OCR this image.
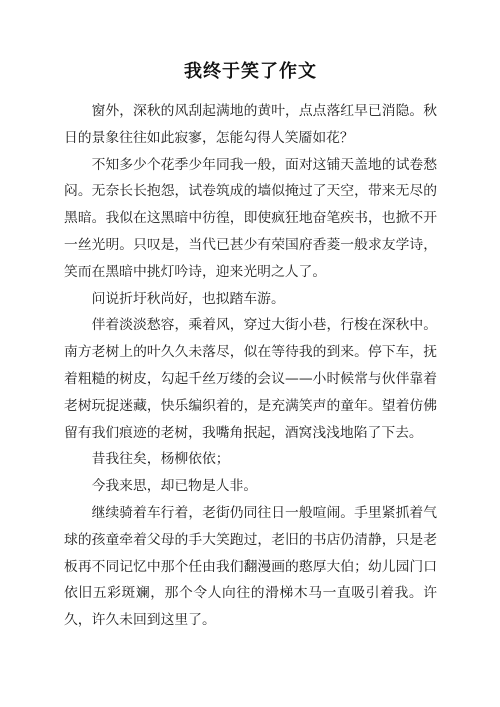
我终于笑了作文

窗外，深秋的风刮起满地的黄叶，点点落红早已消隐。秋日的景象往往如此寂寥，怎能勾得人笑靥如花？

不知多少个花季少年同我一般，面对这铺天盖地的试卷愁闷。无奈长长抱怨，试卷筑成的墙似掩过了天空，带来无尽的黑暗。我似在这黑暗中彷徨，即使疯狂地奋笔疾书，也掀不开一丝光明。只叹是，当代已甚少有荣国府香菱一般求友学诗，笑而在黑暗中挑灯吟诗，迎来光明之人了。

问说折圩秋尚好，也拟踏车游。

伴着淡淡愁容，乘着风，穿过大街小巷，行梭在深秋中。南方老树上的叶久久未落尽，似在等待我的到来。停下车，抚着粗糙的树皮，勾起千丝万缕的会议——小时候常与伙伴靠着老树玩捉迷藏，快乐编织着的，是充满笑声的童年。望着仿佛留有我们痕迹的老树，我嘴角抿起，酒窝浅浅地陷了下去。

昔我往矣，杨柳依依；

今我来思，却已物是人非。

继续骑着车行着，老街仍同往日一般喧闹。手里紧抓着气球的孩童牵着父母的手大笑跑过，老旧的书店仍清静，只是老板再不同记忆中那个任由我们翻漫画的憨厚大伯；幼儿园门口依旧五彩斑斓，那个令人向往的滑梯木马一直吸引着我。许久，许久未回到这里了。
